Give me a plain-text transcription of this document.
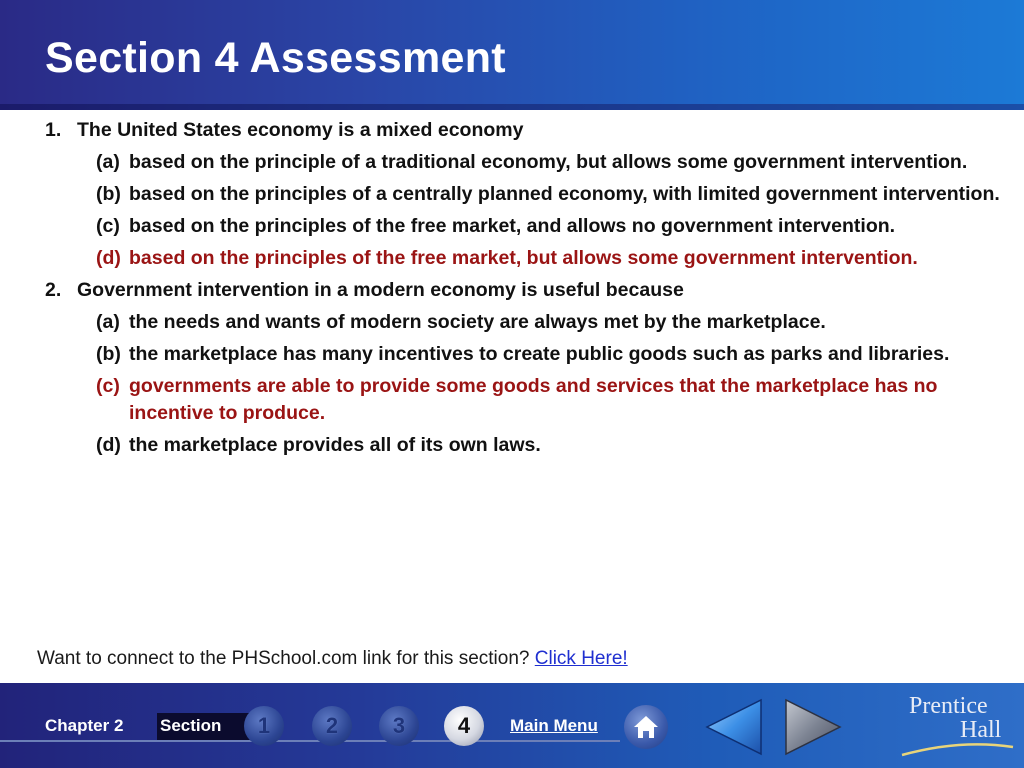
Section 4 Assessment
1. The United States economy is a mixed economy
(a) based on the principle of a traditional economy, but allows some government intervention.
(b) based on the principles of a centrally planned economy, with limited government intervention.
(c) based on the principles of the free market, and allows no government intervention.
(d) based on the principles of the free market, but allows some government intervention.
2. Government intervention in a modern economy is useful because
(a) the needs and wants of modern society are always met by the marketplace.
(b) the marketplace has many incentives to create public goods such as parks and libraries.
(c) governments are able to provide some goods and services that the marketplace has no incentive to produce.
(d) the marketplace provides all of its own laws.
Want to connect to the PHSchool.com link for this section? Click Here!
Chapter 2 Section	1	2	3	4	Main Menu
Prentice
Hall
